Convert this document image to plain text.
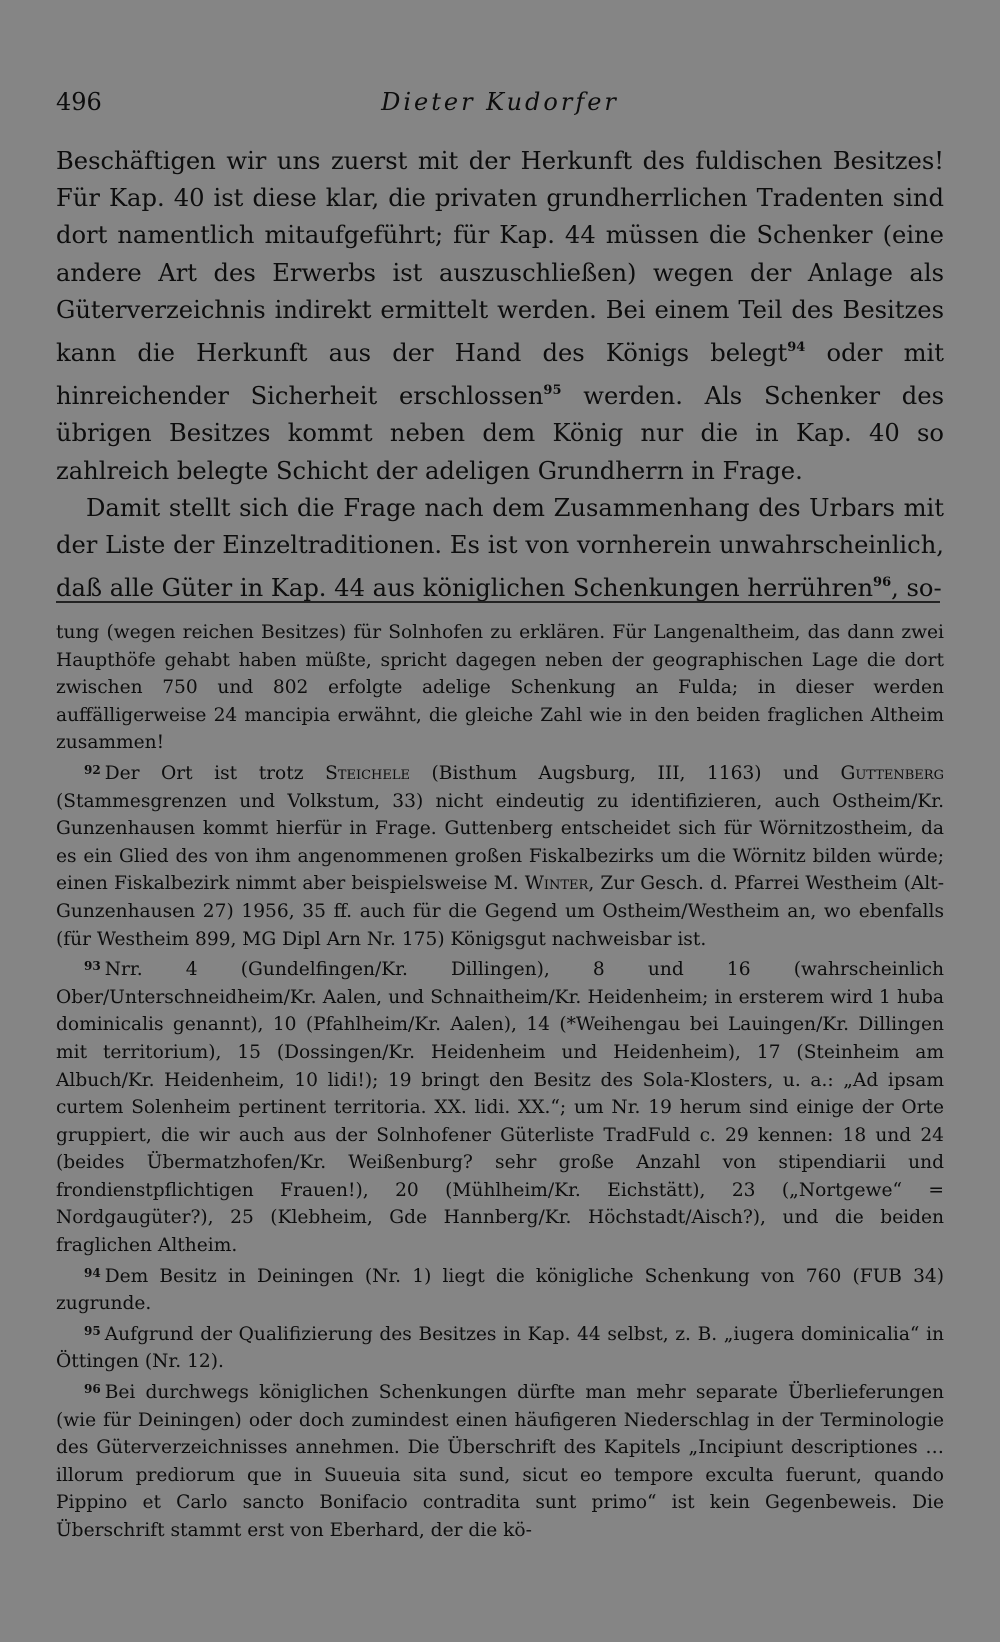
496	Dieter Kudorfer

Beschäftigen wir uns zuerst mit der Herkunft des fuldischen Besitzes! Für Kap. 40 ist diese klar, die privaten grundherrlichen Tradenten sind dort namentlich mitaufgeführt; für Kap. 44 müssen die Schenker (eine andere Art des Erwerbs ist auszuschließen) wegen der Anlage als Güterverzeichnis indirekt ermittelt werden. Bei einem Teil des Besitzes kann die Herkunft aus der Hand des Königs belegt$^{94}$ oder mit hinreichender Sicherheit erschlossen$^{95}$ werden. Als Schenker des übrigen Besitzes kommt neben dem König nur die in Kap. 40 so zahlreich belegte Schicht der adeligen Grundherrn in Frage.

Damit stellt sich die Frage nach dem Zusammenhang des Urbars mit der Liste der Einzeltraditionen. Es ist von vornherein unwahrscheinlich, daß alle Güter in Kap. 44 aus königlichen Schenkungen herrühren$^{96}$, so-

tung (wegen reichen Besitzes) für Solnhofen zu erklären. Für Langenaltheim, das dann zwei Haupthöfe gehabt haben müßte, spricht dagegen neben der geographischen Lage die dort zwischen 750 und 802 erfolgte adelige Schenkung an Fulda; in dieser werden auffälligerweise 24 mancipia erwähnt, die gleiche Zahl wie in den beiden fraglichen Altheim zusammen!

$^{92}$ Der Ort ist trotz Steichele (Bisthum Augsburg, III, 1163) und Guttenberg (Stammesgrenzen und Volkstum, 33) nicht eindeutig zu identifizieren, auch Ostheim/Kr. Gunzenhausen kommt hierfür in Frage. Guttenberg entscheidet sich für Wörnitzostheim, da es ein Glied des von ihm angenommenen großen Fiskalbezirks um die Wörnitz bilden würde; einen Fiskalbezirk nimmt aber beispielsweise M. Winter, Zur Gesch. d. Pfarrei Westheim (Alt-Gunzenhausen 27) 1956, 35 ff. auch für die Gegend um Ostheim/Westheim an, wo ebenfalls (für Westheim 899, MG Dipl Arn Nr. 175) Königsgut nachweisbar ist.

$^{93}$ Nrr. 4 (Gundelfingen/Kr. Dillingen), 8 und 16 (wahrscheinlich Ober/Unterschneidheim/Kr. Aalen, und Schnaitheim/Kr. Heidenheim; in ersterem wird 1 huba dominicalis genannt), 10 (Pfahlheim/Kr. Aalen), 14 (*Weihengau bei Lauingen/Kr. Dillingen mit territorium), 15 (Dossingen/Kr. Heidenheim und Heidenheim), 17 (Steinheim am Albuch/Kr. Heidenheim, 10 lidi!); 19 bringt den Besitz des Sola-Klosters, u. a.: „Ad ipsam curtem Solenheim pertinent territoria. XX. lidi. XX.“; um Nr. 19 herum sind einige der Orte gruppiert, die wir auch aus der Solnhofener Güterliste TradFuld c. 29 kennen: 18 und 24 (beides Übermatzhofen/Kr. Weißenburg? sehr große Anzahl von stipendiarii und frondienstpflichtigen Frauen!), 20 (Mühlheim/Kr. Eichstätt), 23 („Nortgewe“ = Nordgaugüter?), 25 (Klebheim, Gde Hannberg/Kr. Höchstadt/Aisch?), und die beiden fraglichen Altheim.

$^{94}$ Dem Besitz in Deiningen (Nr. 1) liegt die königliche Schenkung von 760 (FUB 34) zugrunde.

$^{95}$ Aufgrund der Qualifizierung des Besitzes in Kap. 44 selbst, z. B. „iugera dominicalia“ in Öttingen (Nr. 12).

$^{96}$ Bei durchwegs königlichen Schenkungen dürfte man mehr separate Überlieferungen (wie für Deiningen) oder doch zumindest einen häufigeren Niederschlag in der Terminologie des Güterverzeichnisses annehmen. Die Überschrift des Kapitels „Incipiunt descriptiones … illorum prediorum que in Suueuia sita sund, sicut eo tempore exculta fuerunt, quando Pippino et Carlo sancto Bonifacio contradita sunt primo“ ist kein Gegenbeweis. Die Überschrift stammt erst von Eberhard, der die kö-
